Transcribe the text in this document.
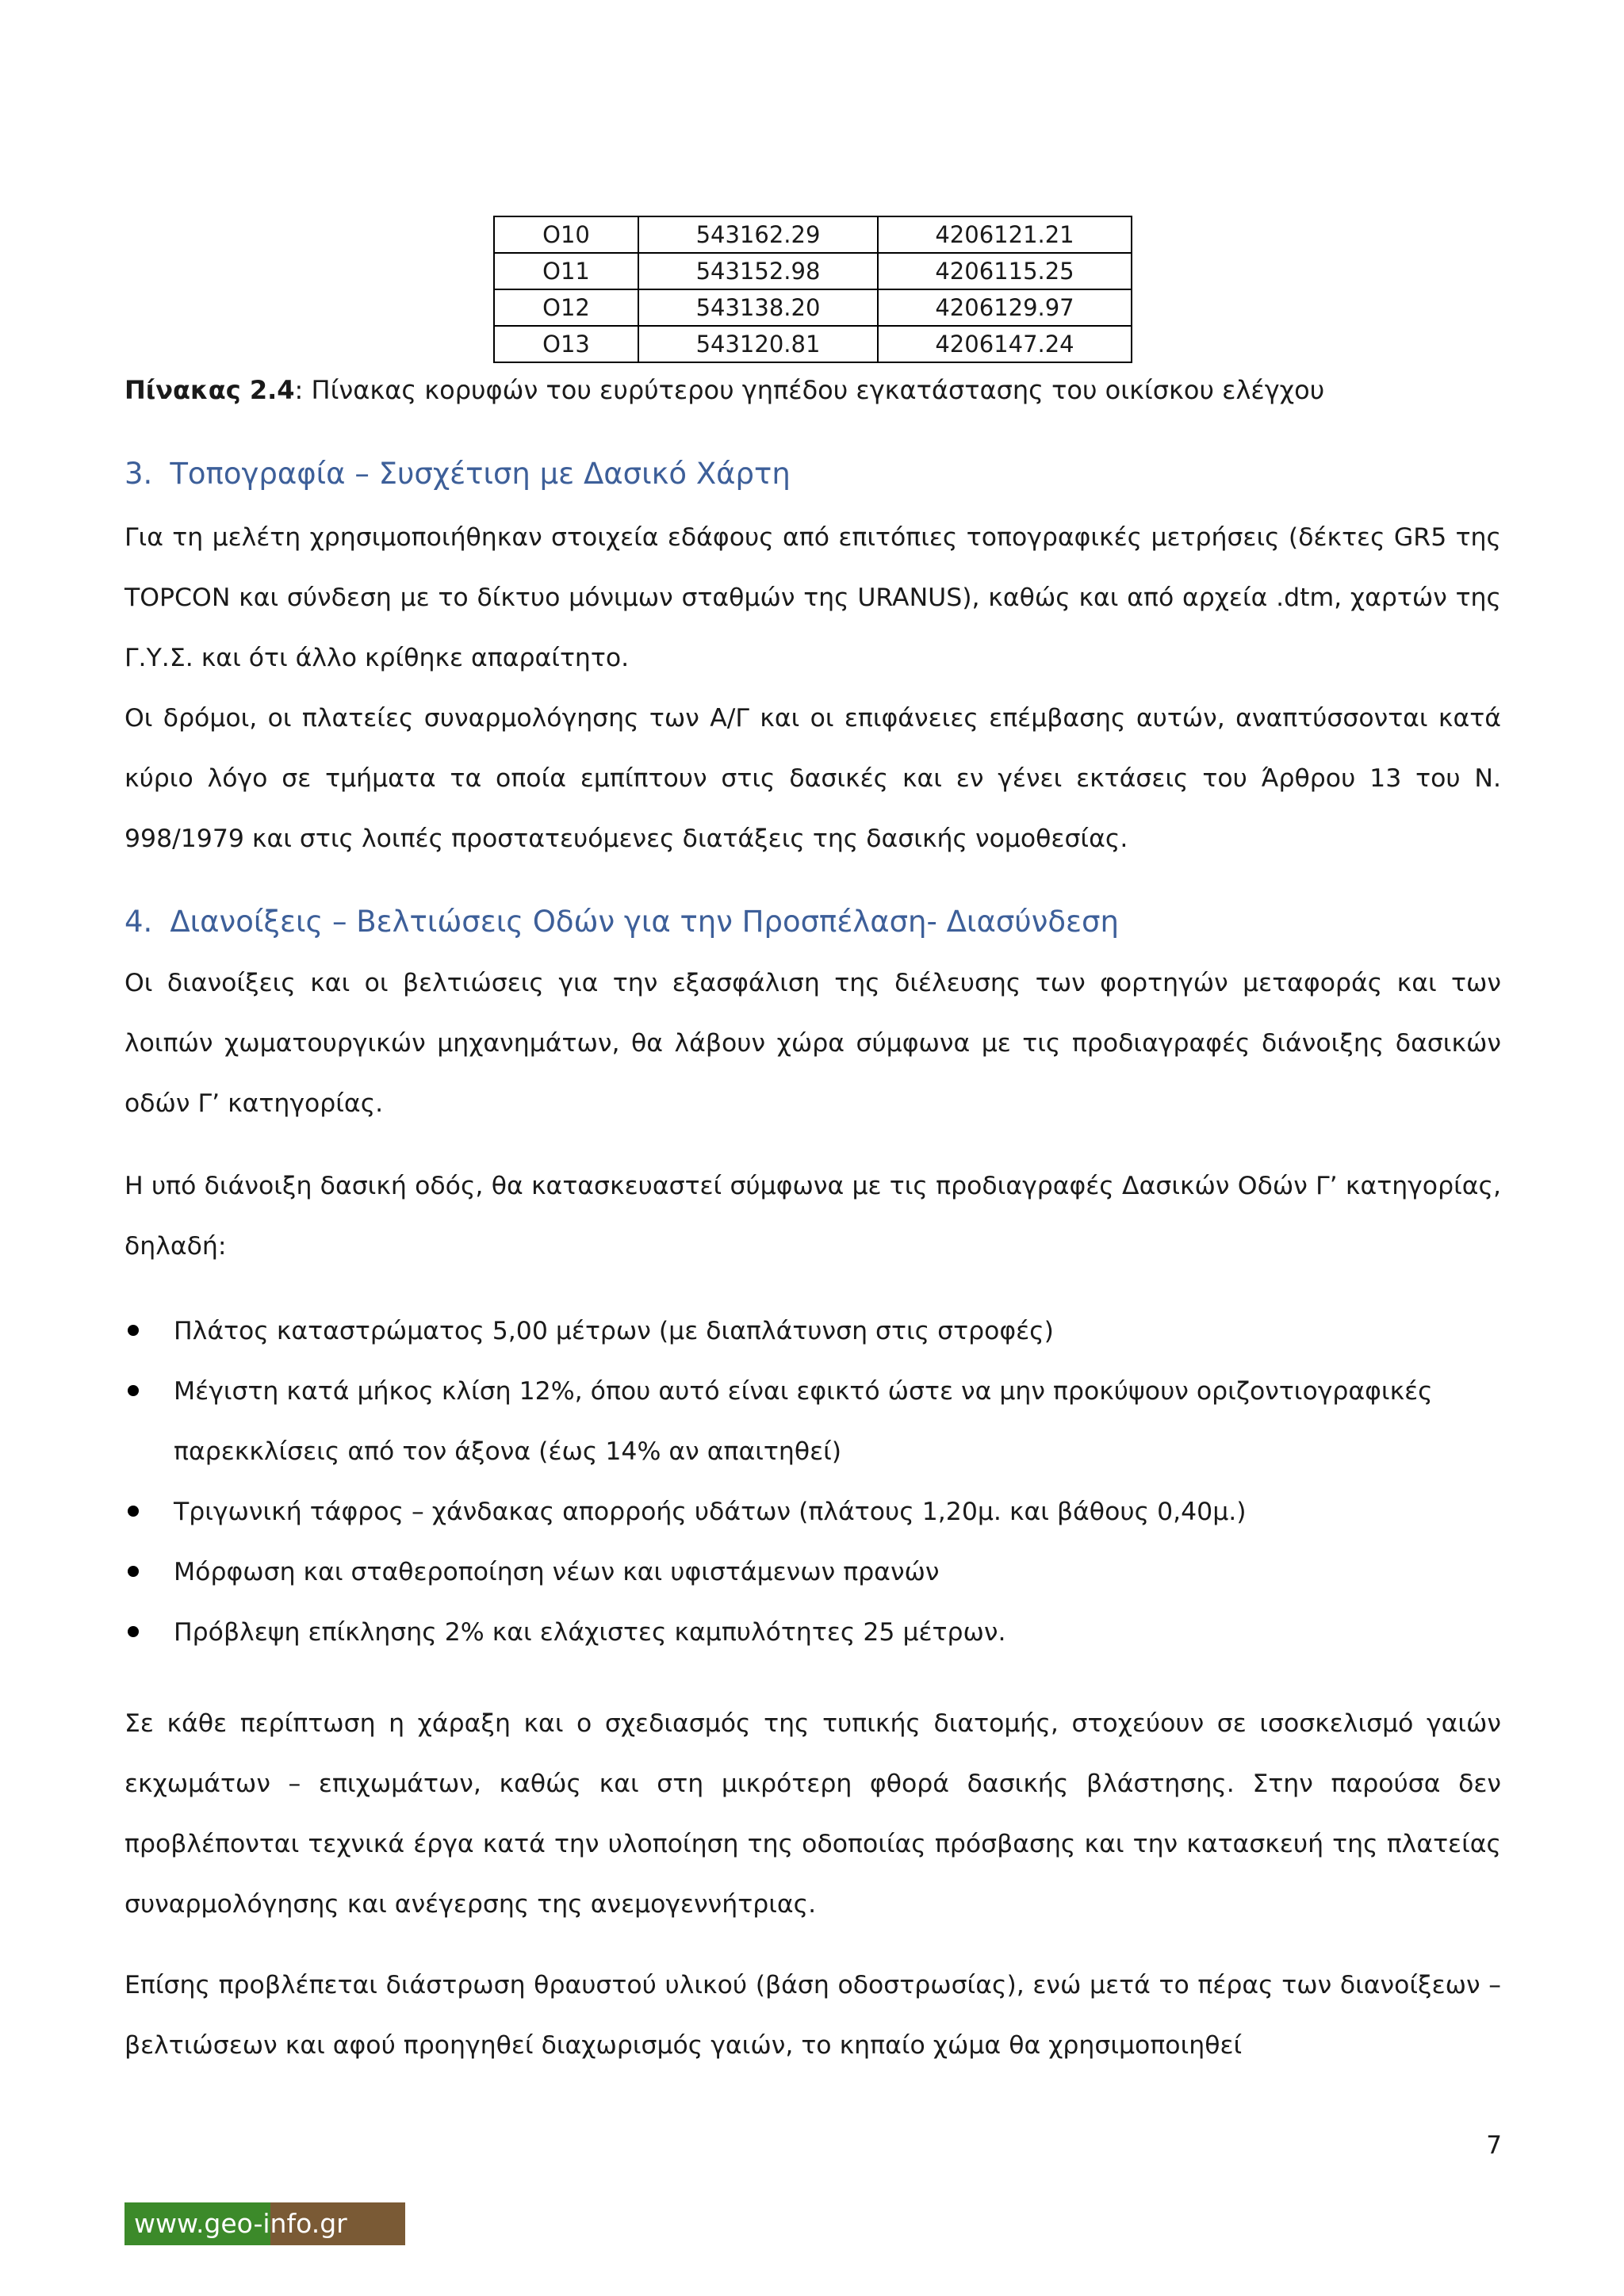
O10	543162.29	4206121.21
O11	543152.98	4206115.25
O12	543138.20	4206129.97
O13	543120.81	4206147.24
Πίνακας 2.4: Πίνακας κορυφών του ευρύτερου γηπέδου εγκατάστασης του οικίσκου ελέγχου
3. Τοπογραφία – Συσχέτιση με Δασικό Χάρτη

Για τη μελέτη χρησιμοποιήθηκαν στοιχεία εδάφους από επιτόπιες τοπογραφικές μετρήσεις (δέκτες GR5 της TOPCON και σύνδεση με το δίκτυο μόνιμων σταθμών της URANUS), καθώς και από αρχεία .dtm, χαρτών της Γ.Υ.Σ. και ότι άλλο κρίθηκε απαραίτητο.

Οι δρόμοι, οι πλατείες συναρμολόγησης των Α/Γ και οι επιφάνειες επέμβασης αυτών, αναπτύσσονται κατά κύριο λόγο σε τμήματα τα οποία εμπίπτουν στις δασικές και εν γένει εκτάσεις του Άρθρου 13 του Ν. 998/1979 και στις λοιπές προστατευόμενες διατάξεις της δασικής νομοθεσίας.

4. Διανοίξεις – Βελτιώσεις Οδών για την Προσπέλαση- Διασύνδεση

Οι διανοίξεις και οι βελτιώσεις για την εξασφάλιση της διέλευσης των φορτηγών μεταφοράς και των λοιπών χωματουργικών μηχανημάτων, θα λάβουν χώρα σύμφωνα με τις προδιαγραφές διάνοιξης δασικών οδών Γ’ κατηγορίας.

Η υπό διάνοιξη δασική οδός, θα κατασκευαστεί σύμφωνα με τις προδιαγραφές Δασικών Οδών Γ’ κατηγορίας, δηλαδή:

Πλάτος καταστρώματος 5,00 μέτρων (με διαπλάτυνση στις στροφές)
Μέγιστη κατά μήκος κλίση 12%, όπου αυτό είναι εφικτό ώστε να μην προκύψουν οριζοντιογραφικές παρεκκλίσεις από τον άξονα (έως 14% αν απαιτηθεί)
Τριγωνική τάφρος – χάνδακας απορροής υδάτων (πλάτους 1,20μ. και βάθους 0,40μ.)
Μόρφωση και σταθεροποίηση νέων και υφιστάμενων πρανών
Πρόβλεψη επίκλησης 2% και ελάχιστες καμπυλότητες 25 μέτρων.

Σε κάθε περίπτωση η χάραξη και ο σχεδιασμός της τυπικής διατομής, στοχεύουν σε ισοσκελισμό γαιών εκχωμάτων – επιχωμάτων, καθώς και στη μικρότερη φθορά δασικής βλάστησης. Στην παρούσα δεν προβλέπονται τεχνικά έργα κατά την υλοποίηση της οδοποιίας πρόσβασης και την κατασκευή της πλατείας συναρμολόγησης και ανέγερσης της ανεμογεννήτριας.

Επίσης προβλέπεται διάστρωση θραυστού υλικού (βάση οδοστρωσίας), ενώ μετά το πέρας των διανοίξεων – βελτιώσεων και αφού προηγηθεί διαχωρισμός γαιών, το κηπαίο χώμα θα χρησιμοποιηθεί

7
www.geo-info.gr
